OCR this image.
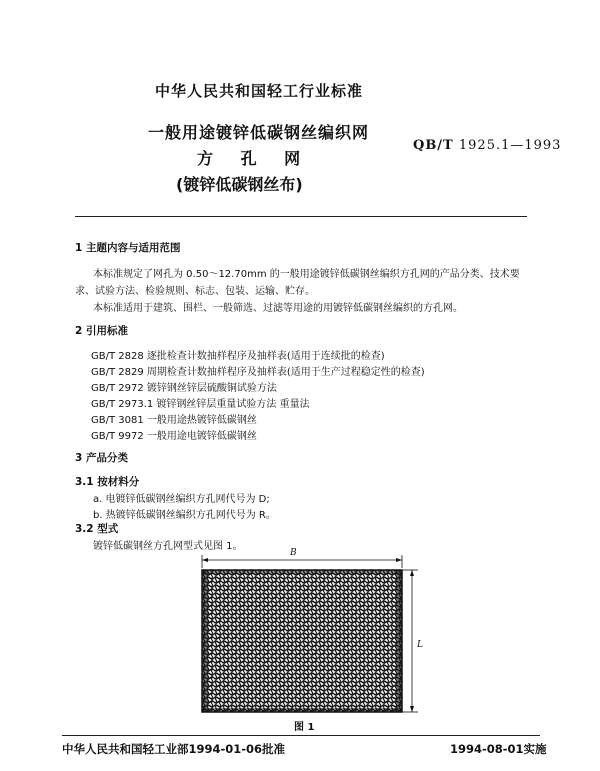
中华人民共和国轻工行业标准
一般用途镀锌低碳钢丝编织网
方 孔 网
(镀锌低碳钢丝布)
QB/T 1925.1—1993
1 主题内容与适用范围
本标准规定了网孔为 0.50～12.70mm 的一般用途镀锌低碳钢丝编织方孔网的产品分类、技术要
求、试验方法、检验规则、标志、包装、运输、贮存。
本标准适用于建筑、围栏、一般筛选、过滤等用途的用镀锌低碳钢丝编织的方孔网。
2 引用标准
GB/T 2828 逐批检查计数抽样程序及抽样表(适用于连续批的检查)
GB/T 2829 周期检查计数抽样程序及抽样表(适用于生产过程稳定性的检查)
GB/T 2972 镀锌钢丝锌层硫酸铜试验方法
GB/T 2973.1 镀锌钢丝锌层重量试验方法 重量法
GB/T 3081 一般用途热镀锌低碳钢丝
GB/T 9972 一般用途电镀锌低碳钢丝
3 产品分类
3.1 按材料分
a. 电镀锌低碳钢丝编织方孔网代号为 D;
b. 热镀锌低碳钢丝编织方孔网代号为 R。
3.2 型式
镀锌低碳钢丝方孔网型式见图 1。
B
L
图 1
中华人民共和国轻工业部1994-01-06批准	1994-08-01实施
